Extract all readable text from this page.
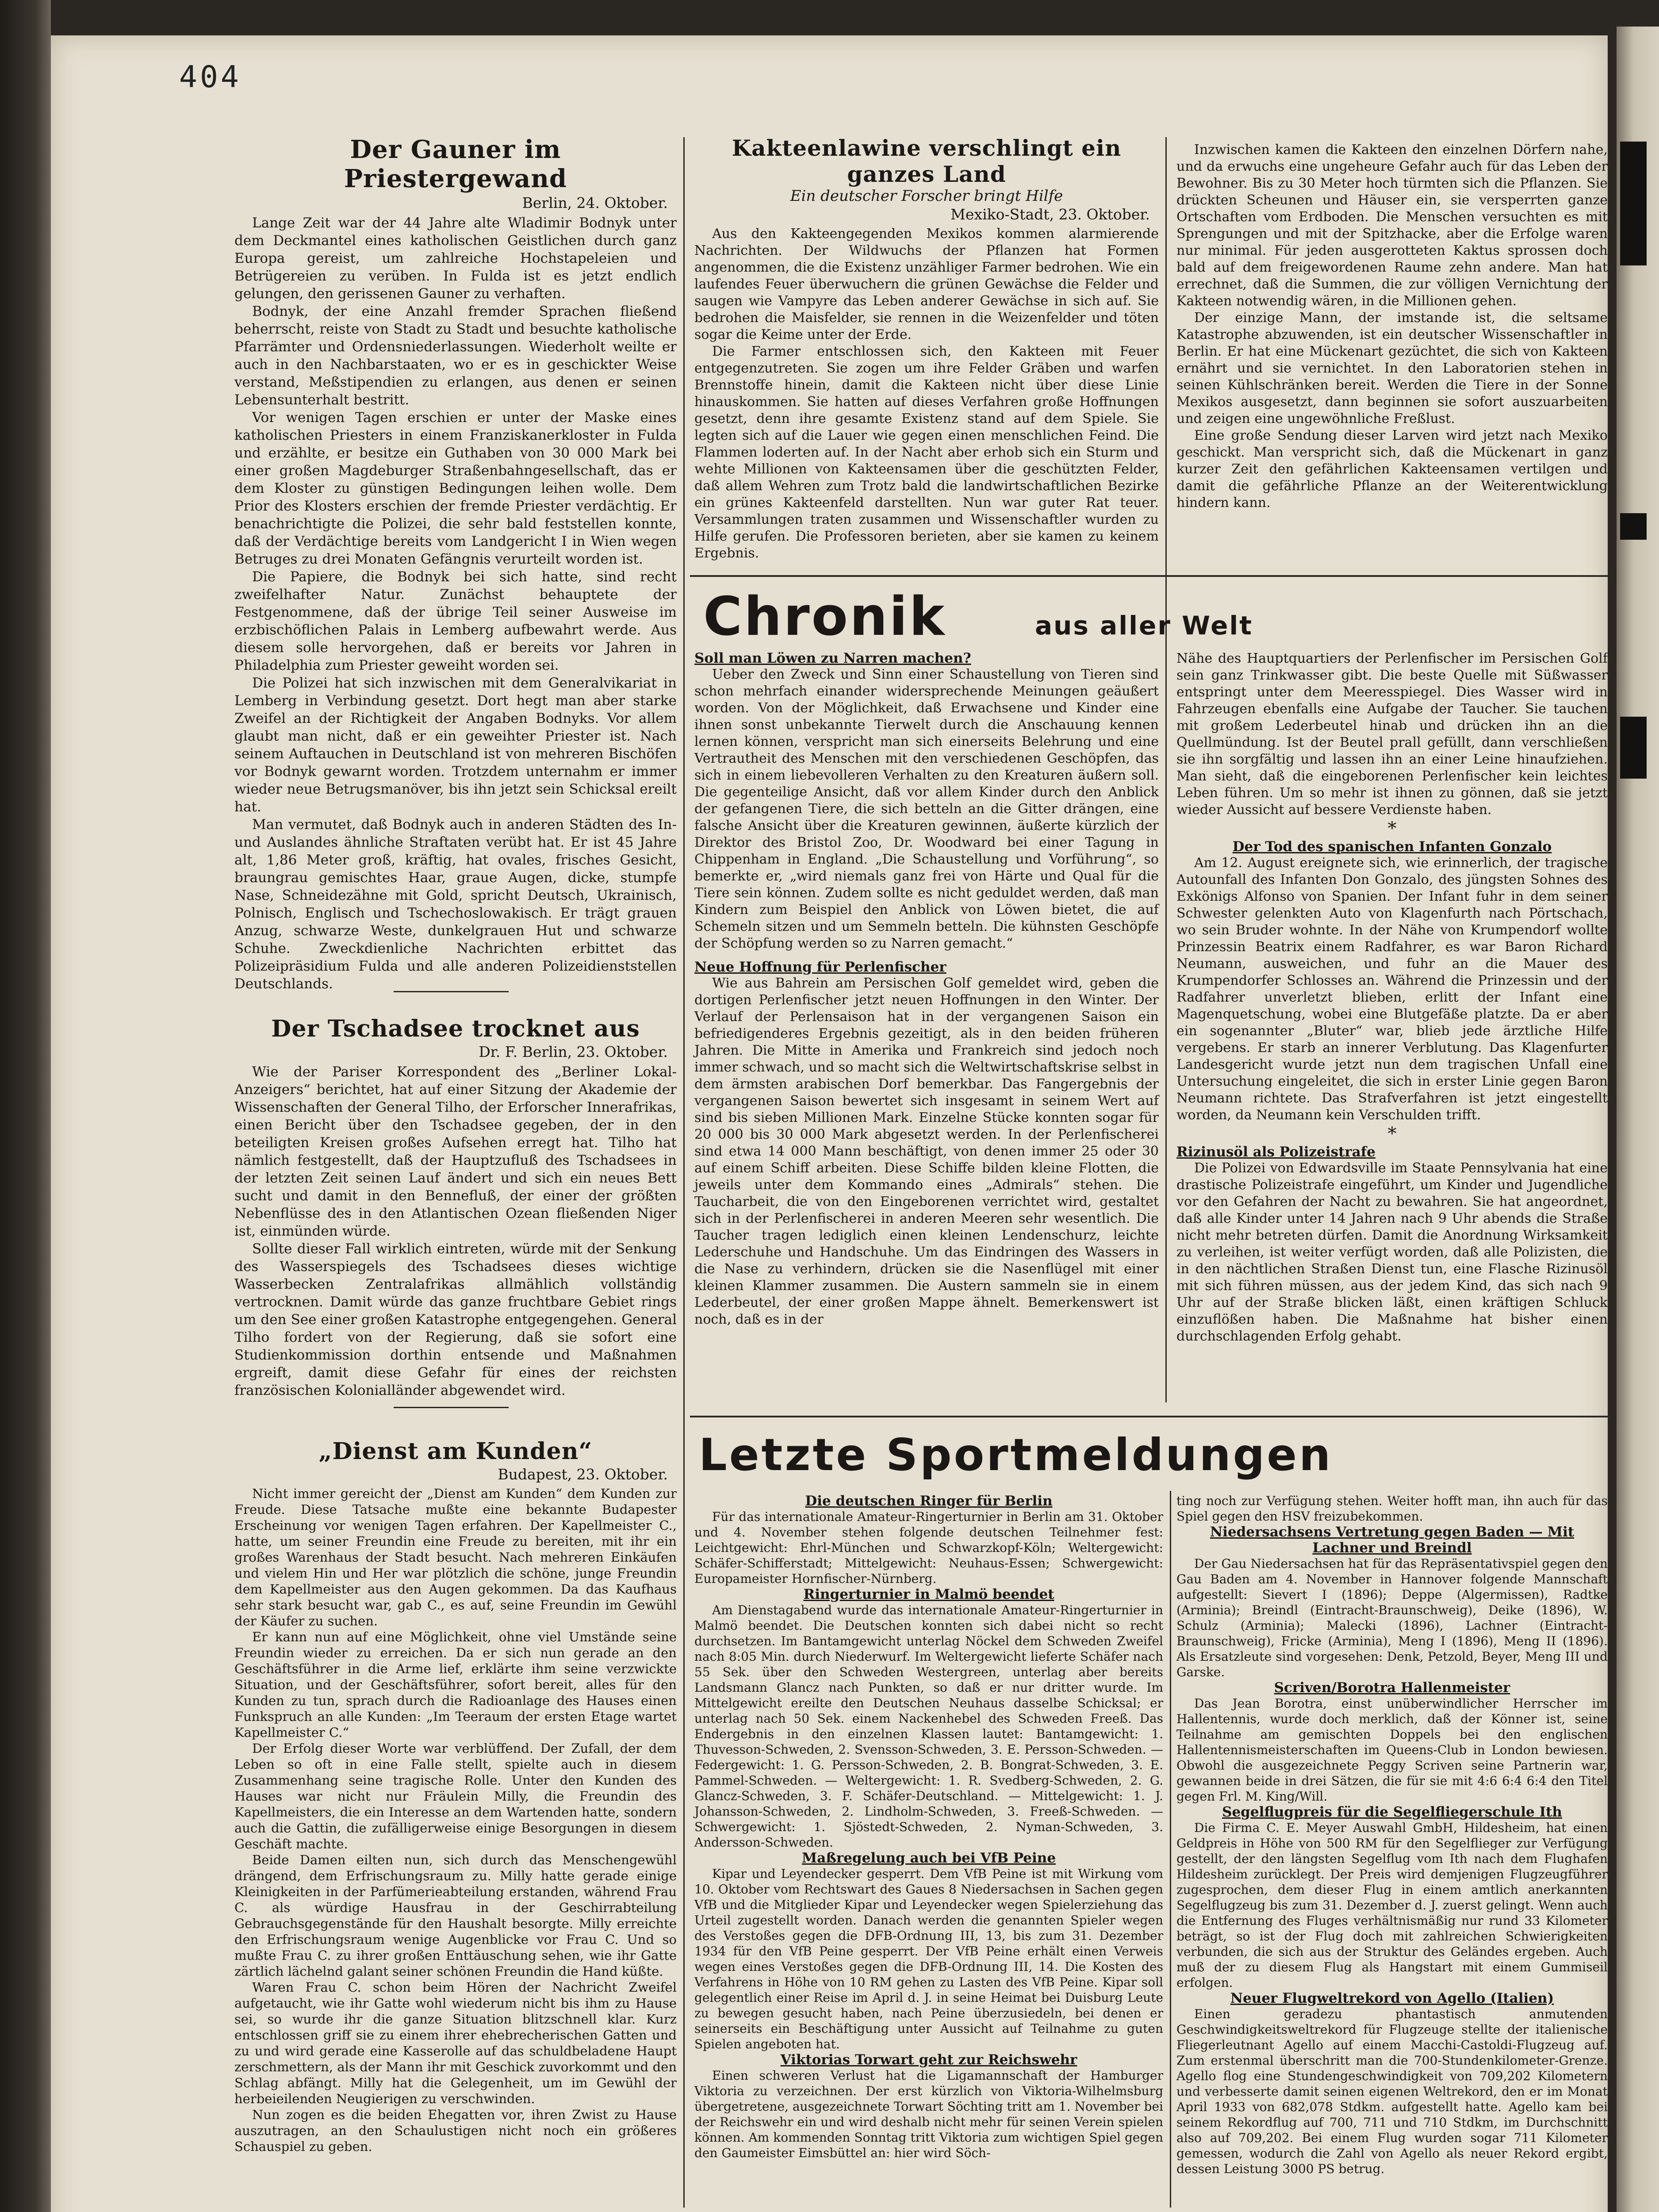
404
Der Gauner im Priestergewand
Berlin, 24. Oktober.

Lange Zeit war der 44 Jahre alte Wladimir Bodnyk unter dem Deckmantel eines katholischen Geistlichen durch ganz Europa gereist, um zahlreiche Hochstapeleien und Betrügereien zu verüben. In Fulda ist es jetzt endlich gelungen, den gerissenen Gauner zu verhaften.

Bodnyk, der eine Anzahl fremder Sprachen fließend beherrscht, reiste von Stadt zu Stadt und besuchte katholische Pfarrämter und Ordensniederlassungen. Wiederholt weilte er auch in den Nachbarstaaten, wo er es in geschickter Weise verstand, Meßstipendien zu erlangen, aus denen er seinen Lebensunterhalt bestritt.

Vor wenigen Tagen erschien er unter der Maske eines katholischen Priesters in einem Franziskanerkloster in Fulda und erzählte, er besitze ein Guthaben von 30 000 Mark bei einer großen Magdeburger Straßenbahngesellschaft, das er dem Kloster zu günstigen Bedingungen leihen wolle. Dem Prior des Klosters erschien der fremde Priester verdächtig. Er benachrichtigte die Polizei, die sehr bald feststellen konnte, daß der Verdächtige bereits vom Landgericht I in Wien wegen Betruges zu drei Monaten Gefängnis verurteilt worden ist.

Die Papiere, die Bodnyk bei sich hatte, sind recht zweifelhafter Natur. Zunächst behauptete der Festgenommene, daß der übrige Teil seiner Ausweise im erzbischöflichen Palais in Lemberg aufbewahrt werde. Aus diesem solle hervorgehen, daß er bereits vor Jahren in Philadelphia zum Priester geweiht worden sei.

Die Polizei hat sich inzwischen mit dem Generalvikariat in Lemberg in Verbindung gesetzt. Dort hegt man aber starke Zweifel an der Richtigkeit der Angaben Bodnyks. Vor allem glaubt man nicht, daß er ein geweihter Priester ist. Nach seinem Auftauchen in Deutschland ist von mehreren Bischöfen vor Bodnyk gewarnt worden. Trotzdem unternahm er immer wieder neue Betrugsmanöver, bis ihn jetzt sein Schicksal ereilt hat.

Man vermutet, daß Bodnyk auch in anderen Städten des In- und Auslandes ähnliche Straftaten verübt hat. Er ist 45 Jahre alt, 1,86 Meter groß, kräftig, hat ovales, frisches Gesicht, braungrau gemischtes Haar, graue Augen, dicke, stumpfe Nase, Schneidezähne mit Gold, spricht Deutsch, Ukrainisch, Polnisch, Englisch und Tschechoslowakisch. Er trägt grauen Anzug, schwarze Weste, dunkelgrauen Hut und schwarze Schuhe. Zweckdienliche Nachrichten erbittet das Polizeipräsidium Fulda und alle anderen Polizeidienststellen Deutschlands.

Der Tschadsee trocknet aus
Dr. F. Berlin, 23. Oktober.

Wie der Pariser Korrespondent des „Berliner Lokal-Anzeigers“ berichtet, hat auf einer Sitzung der Akademie der Wissenschaften der General Tilho, der Erforscher Innerafrikas, einen Bericht über den Tschadsee gegeben, der in den beteiligten Kreisen großes Aufsehen erregt hat. Tilho hat nämlich festgestellt, daß der Hauptzufluß des Tschadsees in der letzten Zeit seinen Lauf ändert und sich ein neues Bett sucht und damit in den Bennefluß, der einer der größten Nebenflüsse des in den Atlantischen Ozean fließenden Niger ist, einmünden würde.

Sollte dieser Fall wirklich eintreten, würde mit der Senkung des Wasserspiegels des Tschadsees dieses wichtige Wasserbecken Zentralafrikas allmählich vollständig vertrocknen. Damit würde das ganze fruchtbare Gebiet rings um den See einer großen Katastrophe entgegengehen. General Tilho fordert von der Regierung, daß sie sofort eine Studienkommission dorthin entsende und Maßnahmen ergreift, damit diese Gefahr für eines der reichsten französischen Kolonialländer abgewendet wird.

„Dienst am Kunden“
Budapest, 23. Oktober.

Nicht immer gereicht der „Dienst am Kunden“ dem Kunden zur Freude. Diese Tatsache mußte eine bekannte Budapester Erscheinung vor wenigen Tagen erfahren. Der Kapellmeister C., hatte, um seiner Freundin eine Freude zu bereiten, mit ihr ein großes Warenhaus der Stadt besucht. Nach mehreren Einkäufen und vielem Hin und Her war plötzlich die schöne, junge Freundin dem Kapellmeister aus den Augen gekommen. Da das Kaufhaus sehr stark besucht war, gab C., es auf, seine Freundin im Gewühl der Käufer zu suchen.

Er kann nun auf eine Möglichkeit, ohne viel Umstände seine Freundin wieder zu erreichen. Da er sich nun gerade an den Geschäftsführer in die Arme lief, erklärte ihm seine verzwickte Situation, und der Geschäftsführer, sofort bereit, alles für den Kunden zu tun, sprach durch die Radioanlage des Hauses einen Funkspruch an alle Kunden: „Im Teeraum der ersten Etage wartet Kapellmeister C.“

Der Erfolg dieser Worte war verblüffend. Der Zufall, der dem Leben so oft in eine Falle stellt, spielte auch in diesem Zusammenhang seine tragische Rolle. Unter den Kunden des Hauses war nicht nur Fräulein Milly, die Freundin des Kapellmeisters, die ein Interesse an dem Wartenden hatte, sondern auch die Gattin, die zufälligerweise einige Besorgungen in diesem Geschäft machte.

Beide Damen eilten nun, sich durch das Menschengewühl drängend, dem Erfrischungsraum zu. Milly hatte gerade einige Kleinigkeiten in der Parfümerieabteilung erstanden, während Frau C. als würdige Hausfrau in der Geschirrabteilung Gebrauchsgegenstände für den Haushalt besorgte. Milly erreichte den Erfrischungsraum wenige Augenblicke vor Frau C. Und so mußte Frau C. zu ihrer großen Enttäuschung sehen, wie ihr Gatte zärtlich lächelnd galant seiner schönen Freundin die Hand küßte.

Waren Frau C. schon beim Hören der Nachricht Zweifel aufgetaucht, wie ihr Gatte wohl wiederum nicht bis ihm zu Hause sei, so wurde ihr die ganze Situation blitzschnell klar. Kurz entschlossen griff sie zu einem ihrer ehebrecherischen Gatten und zu und wird gerade eine Kasserolle auf das schuldbeladene Haupt zerschmettern, als der Mann ihr mit Geschick zuvorkommt und den Schlag abfängt. Milly hat die Gelegenheit, um im Gewühl der herbeieilenden Neugierigen zu verschwinden.

Nun zogen es die beiden Ehegatten vor, ihren Zwist zu Hause auszutragen, an den Schaulustigen nicht noch ein größeres Schauspiel zu geben.

Kakteenlawine verschlingt ein ganzes Land
Ein deutscher Forscher bringt Hilfe
Mexiko-Stadt, 23. Oktober.

Aus den Kakteengegenden Mexikos kommen alarmierende Nachrichten. Der Wildwuchs der Pflanzen hat Formen angenommen, die die Existenz unzähliger Farmer bedrohen. Wie ein laufendes Feuer überwuchern die grünen Gewächse die Felder und saugen wie Vampyre das Leben anderer Gewächse in sich auf. Sie bedrohen die Maisfelder, sie rennen in die Weizenfelder und töten sogar die Keime unter der Erde.

Die Farmer entschlossen sich, den Kakteen mit Feuer entgegenzutreten. Sie zogen um ihre Felder Gräben und warfen Brennstoffe hinein, damit die Kakteen nicht über diese Linie hinauskommen. Sie hatten auf dieses Verfahren große Hoffnungen gesetzt, denn ihre gesamte Existenz stand auf dem Spiele. Sie legten sich auf die Lauer wie gegen einen menschlichen Feind. Die Flammen loderten auf. In der Nacht aber erhob sich ein Sturm und wehte Millionen von Kakteensamen über die geschützten Felder, daß allem Wehren zum Trotz bald die landwirtschaftlichen Bezirke ein grünes Kakteenfeld darstellten. Nun war guter Rat teuer. Versammlungen traten zusammen und Wissenschaftler wurden zu Hilfe gerufen. Die Professoren berieten, aber sie kamen zu keinem Ergebnis.

Inzwischen kamen die Kakteen den einzelnen Dörfern nahe, und da erwuchs eine ungeheure Gefahr auch für das Leben der Bewohner. Bis zu 30 Meter hoch türmten sich die Pflanzen. Sie drückten Scheunen und Häuser ein, sie versperrten ganze Ortschaften vom Erdboden. Die Menschen versuchten es mit Sprengungen und mit der Spitzhacke, aber die Erfolge waren nur minimal. Für jeden ausgerotteten Kaktus sprossen doch bald auf dem freigewordenen Raume zehn andere. Man hat errechnet, daß die Summen, die zur völligen Vernichtung der Kakteen notwendig wären, in die Millionen gehen.

Der einzige Mann, der imstande ist, die seltsame Katastrophe abzuwenden, ist ein deutscher Wissenschaftler in Berlin. Er hat eine Mückenart gezüchtet, die sich von Kakteen ernährt und sie vernichtet. In den Laboratorien stehen in seinen Kühlschränken bereit. Werden die Tiere in der Sonne Mexikos ausgesetzt, dann beginnen sie sofort auszuarbeiten und zeigen eine ungewöhnliche Freßlust.

Eine große Sendung dieser Larven wird jetzt nach Mexiko geschickt. Man verspricht sich, daß die Mückenart in ganz kurzer Zeit den gefährlichen Kakteensamen vertilgen und damit die gefährliche Pflanze an der Weiterentwicklung hindern kann.

Chronik	aus aller Welt
Soll man Löwen zu Narren machen?

Ueber den Zweck und Sinn einer Schaustellung von Tieren sind schon mehrfach einander widersprechende Meinungen geäußert worden. Von der Möglichkeit, daß Erwachsene und Kinder eine ihnen sonst unbekannte Tierwelt durch die Anschauung kennen lernen können, verspricht man sich einerseits Belehrung und eine Vertrautheit des Menschen mit den verschiedenen Geschöpfen, das sich in einem liebevolleren Verhalten zu den Kreaturen äußern soll. Die gegenteilige Ansicht, daß vor allem Kinder durch den Anblick der gefangenen Tiere, die sich betteln an die Gitter drängen, eine falsche Ansicht über die Kreaturen gewinnen, äußerte kürzlich der Direktor des Bristol Zoo, Dr. Woodward bei einer Tagung in Chippenham in England. „Die Schaustellung und Vorführung“, so bemerkte er, „wird niemals ganz frei von Härte und Qual für die Tiere sein können. Zudem sollte es nicht geduldet werden, daß man Kindern zum Beispiel den Anblick von Löwen bietet, die auf Schemeln sitzen und um Semmeln betteln. Die kühnsten Geschöpfe der Schöpfung werden so zu Narren gemacht.“

Neue Hoffnung für Perlenfischer

Wie aus Bahrein am Persischen Golf gemeldet wird, geben die dortigen Perlenfischer jetzt neuen Hoffnungen in den Winter. Der Verlauf der Perlensaison hat in der vergangenen Saison ein befriedigenderes Ergebnis gezeitigt, als in den beiden früheren Jahren. Die Mitte in Amerika und Frankreich sind jedoch noch immer schwach, und so macht sich die Weltwirtschaftskrise selbst in dem ärmsten arabischen Dorf bemerkbar. Das Fangergebnis der vergangenen Saison bewertet sich insgesamt in seinem Wert auf sind bis sieben Millionen Mark. Einzelne Stücke konnten sogar für 20 000 bis 30 000 Mark abgesetzt werden. In der Perlenfischerei sind etwa 14 000 Mann beschäftigt, von denen immer 25 oder 30 auf einem Schiff arbeiten. Diese Schiffe bilden kleine Flotten, die jeweils unter dem Kommando eines „Admirals“ stehen. Die Taucharbeit, die von den Eingeborenen verrichtet wird, gestaltet sich in der Perlenfischerei in anderen Meeren sehr wesentlich. Die Taucher tragen lediglich einen kleinen Lendenschurz, leichte Lederschuhe und Handschuhe. Um das Eindringen des Wassers in die Nase zu verhindern, drücken sie die Nasenflügel mit einer kleinen Klammer zusammen. Die Austern sammeln sie in einem Lederbeutel, der einer großen Mappe ähnelt. Bemerkenswert ist noch, daß es in der

Nähe des Hauptquartiers der Perlenfischer im Persischen Golf sein ganz Trinkwasser gibt. Die beste Quelle mit Süßwasser entspringt unter dem Meeresspiegel. Dies Wasser wird in Fahrzeugen ebenfalls eine Aufgabe der Taucher. Sie tauchen mit großem Lederbeutel hinab und drücken ihn an die Quellmündung. Ist der Beutel prall gefüllt, dann verschließen sie ihn sorgfältig und lassen ihn an einer Leine hinaufziehen. Man sieht, daß die eingeborenen Perlenfischer kein leichtes Leben führen. Um so mehr ist ihnen zu gönnen, daß sie jetzt wieder Aussicht auf bessere Verdienste haben.

*
Der Tod des spanischen Infanten Gonzalo

Am 12. August ereignete sich, wie erinnerlich, der tragische Autounfall des Infanten Don Gonzalo, des jüngsten Sohnes des Exkönigs Alfonso von Spanien. Der Infant fuhr in dem seiner Schwester gelenkten Auto von Klagenfurth nach Pörtschach, wo sein Bruder wohnte. In der Nähe von Krumpendorf wollte Prinzessin Beatrix einem Radfahrer, es war Baron Richard Neumann, ausweichen, und fuhr an die Mauer des Krumpendorfer Schlosses an. Während die Prinzessin und der Radfahrer unverletzt blieben, erlitt der Infant eine Magenquetschung, wobei eine Blutgefäße platzte. Da er aber ein sogenannter „Bluter“ war, blieb jede ärztliche Hilfe vergebens. Er starb an innerer Verblutung. Das Klagenfurter Landesgericht wurde jetzt nun dem tragischen Unfall eine Untersuchung eingeleitet, die sich in erster Linie gegen Baron Neumann richtete. Das Strafverfahren ist jetzt eingestellt worden, da Neumann kein Verschulden trifft.

*
Rizinusöl als Polizeistrafe

Die Polizei von Edwardsville im Staate Pennsylvania hat eine drastische Polizeistrafe eingeführt, um Kinder und Jugendliche vor den Gefahren der Nacht zu bewahren. Sie hat angeordnet, daß alle Kinder unter 14 Jahren nach 9 Uhr abends die Straße nicht mehr betreten dürfen. Damit die Anordnung Wirksamkeit zu verleihen, ist weiter verfügt worden, daß alle Polizisten, die in den nächtlichen Straßen Dienst tun, eine Flasche Rizinusöl mit sich führen müssen, aus der jedem Kind, das sich nach 9 Uhr auf der Straße blicken läßt, einen kräftigen Schluck einzuflößen haben. Die Maßnahme hat bisher einen durchschlagenden Erfolg gehabt.

Letzte Sportmeldungen
Die deutschen Ringer für Berlin

Für das internationale Amateur-Ringerturnier in Berlin am 31. Oktober und 4. November stehen folgende deutschen Teilnehmer fest: Leichtgewicht: Ehrl-München und Schwarzkopf-Köln; Weltergewicht: Schäfer-Schifferstadt; Mittelgewicht: Neuhaus-Essen; Schwergewicht: Europameister Hornfischer-Nürnberg.

Ringerturnier in Malmö beendet

Am Dienstagabend wurde das internationale Amateur-Ringerturnier in Malmö beendet. Die Deutschen konnten sich dabei nicht so recht durchsetzen. Im Bantamgewicht unterlag Nöckel dem Schweden Zweifel nach 8:05 Min. durch Niederwurf. Im Weltergewicht lieferte Schäfer nach 55 Sek. über den Schweden Westergreen, unterlag aber bereits Landsmann Glancz nach Punkten, so daß er nur dritter wurde. Im Mittelgewicht ereilte den Deutschen Neuhaus dasselbe Schicksal; er unterlag nach 50 Sek. einem Nackenhebel des Schweden Freeß. Das Endergebnis in den einzelnen Klassen lautet: Bantamgewicht: 1. Thuvesson-Schweden, 2. Svensson-Schweden, 3. E. Persson-Schweden. — Federgewicht: 1. G. Persson-Schweden, 2. B. Bongrat-Schweden, 3. E. Pammel-Schweden. — Weltergewicht: 1. R. Svedberg-Schweden, 2. G. Glancz-Schweden, 3. F. Schäfer-Deutschland. — Mittelgewicht: 1. J. Johansson-Schweden, 2. Lindholm-Schweden, 3. Freeß-Schweden. — Schwergewicht: 1. Sjöstedt-Schweden, 2. Nyman-Schweden, 3. Andersson-Schweden.

Maßregelung auch bei VfB Peine

Kipar und Leyendecker gesperrt. Dem VfB Peine ist mit Wirkung vom 10. Oktober vom Rechtswart des Gaues 8 Niedersachsen in Sachen gegen VfB und die Mitglieder Kipar und Leyendecker wegen Spielerziehung das Urteil zugestellt worden. Danach werden die genannten Spieler wegen des Verstoßes gegen die DFB-Ordnung III, 13, bis zum 31. Dezember 1934 für den VfB Peine gesperrt. Der VfB Peine erhält einen Verweis wegen eines Verstoßes gegen die DFB-Ordnung III, 14. Die Kosten des Verfahrens in Höhe von 10 RM gehen zu Lasten des VfB Peine. Kipar soll gelegentlich einer Reise im April d. J. in seine Heimat bei Duisburg Leute zu bewegen gesucht haben, nach Peine überzusiedeln, bei denen er seinerseits ein Beschäftigung unter Aussicht auf Teilnahme zu guten Spielen angeboten hat.

Viktorias Torwart geht zur Reichswehr

Einen schweren Verlust hat die Ligamannschaft der Hamburger Viktoria zu verzeichnen. Der erst kürzlich von Viktoria-Wilhelmsburg übergetretene, ausgezeichnete Torwart Söchting tritt am 1. November bei der Reichswehr ein und wird deshalb nicht mehr für seinen Verein spielen können. Am kommenden Sonntag tritt Viktoria zum wichtigen Spiel gegen den Gaumeister Eimsbüttel an: hier wird Söch-

ting noch zur Verfügung stehen. Weiter hofft man, ihn auch für das Spiel gegen den HSV freizubekommen.

Niedersachsens Vertretung gegen Baden — Mit Lachner und Breindl

Der Gau Niedersachsen hat für das Repräsentativspiel gegen den Gau Baden am 4. November in Hannover folgende Mannschaft aufgestellt: Sievert I (1896); Deppe (Algermissen), Radtke (Arminia); Breindl (Eintracht-Braunschweig), Deike (1896), W. Schulz (Arminia); Malecki (1896), Lachner (Eintracht-Braunschweig), Fricke (Arminia), Meng I (1896), Meng II (1896). Als Ersatzleute sind vorgesehen: Denk, Petzold, Beyer, Meng III und Garske.

Scriven/Borotra Hallenmeister

Das Jean Borotra, einst unüberwindlicher Herrscher im Hallentennis, wurde doch merklich, daß der Könner ist, seine Teilnahme am gemischten Doppels bei den englischen Hallentennismeisterschaften im Queens-Club in London bewiesen. Obwohl die ausgezeichnete Peggy Scriven seine Partnerin war, gewannen beide in drei Sätzen, die für sie mit 4:6 6:4 6:4 den Titel gegen Frl. M. King/Will.

Segelflugpreis für die Segelfliegerschule Ith

Die Firma C. E. Meyer Auswahl GmbH, Hildesheim, hat einen Geldpreis in Höhe von 500 RM für den Segelflieger zur Verfügung gestellt, der den längsten Segelflug vom Ith nach dem Flughafen Hildesheim zurücklegt. Der Preis wird demjenigen Flugzeugführer zugesprochen, dem dieser Flug in einem amtlich anerkannten Segelflugzeug bis zum 31. Dezember d. J. zuerst gelingt. Wenn auch die Entfernung des Fluges verhältnismäßig nur rund 33 Kilometer beträgt, so ist der Flug doch mit zahlreichen Schwierigkeiten verbunden, die sich aus der Struktur des Geländes ergeben. Auch muß der zu diesem Flug als Hangstart mit einem Gummiseil erfolgen.

Neuer Flugweltrekord von Agello (Italien)

Einen geradezu phantastisch anmutenden Geschwindigkeitsweltrekord für Flugzeuge stellte der italienische Fliegerleutnant Agello auf einem Macchi-Castoldi-Flugzeug auf. Zum erstenmal überschritt man die 700-Stundenkilometer-Grenze. Agello flog eine Stundengeschwindigkeit von 709,202 Kilometern und verbesserte damit seinen eigenen Weltrekord, den er im Monat April 1933 von 682,078 Stdkm. aufgestellt hatte. Agello kam bei seinem Rekordflug auf 700, 711 und 710 Stdkm, im Durchschnitt also auf 709,202. Bei einem Flug wurden sogar 711 Kilometer gemessen, wodurch die Zahl von Agello als neuer Rekord ergibt, dessen Leistung 3000 PS betrug.
